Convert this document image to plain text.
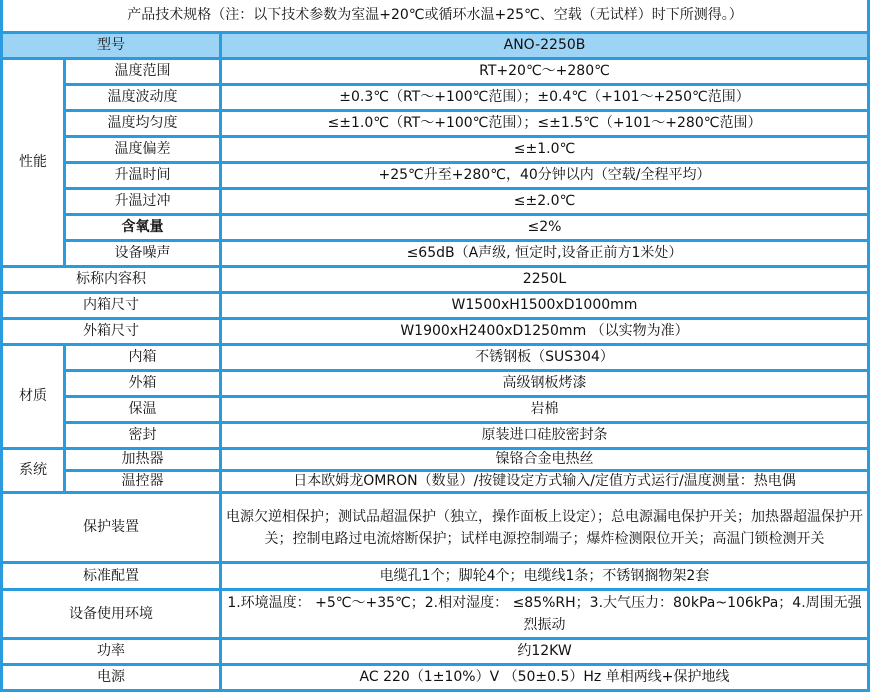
产品技术规格（注：以下技术参数为室温+20℃或循环水温+25℃、空载（无试样）时下所测得。）		
型号		ANO-2250B
性能	温度范围	RT+20℃～+280℃
	温度波动度	±0.3℃（RT～+100℃范围）；±0.4℃（+101～+250℃范围）
	温度均匀度	≤±1.0℃（RT～+100℃范围）；≤±1.5℃（+101～+280℃范围）
	温度偏差	≤±1.0℃
	升温时间	+25℃升至+280℃，40分钟以内（空载/全程平均）
	升温过冲	≤±2.0℃
	含氧量	≤2%
	设备噪声	≤65dB（A声级, 恒定时,设备正前方1米处）
标称内容积		2250L
内箱尺寸		W1500xH1500xD1000mm
外箱尺寸		W1900xH2400xD1250mm （以实物为准）
材质	内箱	不锈钢板（SUS304）
	外箱	高级钢板烤漆
	保温	岩棉
	密封	原装进口硅胶密封条
系统	加热器	镍铬合金电热丝
	温控器	日本欧姆龙OMRON（数显）/按键设定方式输入/定值方式运行/温度测量：热电偶
保护装置		电源欠逆相保护；测试品超温保护（独立，操作面板上设定）；总电源漏电保护开关；加热器超温保护开关；控制电路过电流熔断保护；试样电源控制端子；爆炸检测限位开关；高温门锁检测开关
标准配置		电缆孔1个；脚轮4个；电缆线1条；不锈钢搁物架2套
设备使用环境		1.环境温度： +5℃～+35℃；2.相对湿度： ≤85%RH；3.大气压力：80kPa~106kPa；4.周围无强烈振动
功率		约12KW
电源		AC 220（1±10%）V （50±0.5）Hz 单相两线+保护地线
